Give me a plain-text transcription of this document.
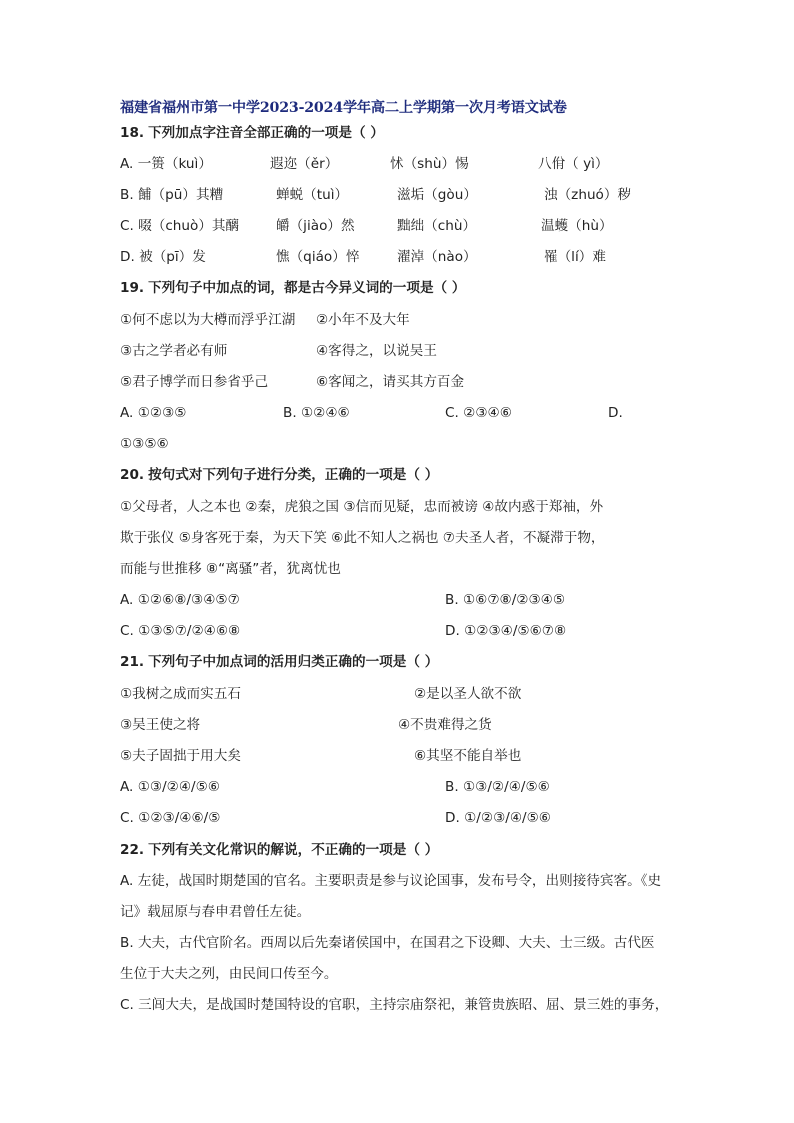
福建省福州市第一中学2023-2024学年高二上学期第一次月考语文试卷
18. 下列加点字注音全部正确的一项是（ ）
A. 一篑（kuì）	遐迩（ěr）	怵（shù）惕	八佾（ yì）
B. 餔（pū）其糟	蝉蜕（tuì）	滋垢（gòu）	浊（zhuó）秽
C. 啜（chuò）其醨	皭（jiào）然	黜绌（chù）	温蠖（hù）
D. 被（pī）发	憔（qiáo）悴	濯淖（nào）	罹（lí）难
19. 下列句子中加点的词，都是古今异义词的一项是（ ）
①何不虑以为大樽而浮乎江湖 ②小年不及大年
③古之学者必有师	④客得之，以说吴王
⑤君子博学而日参省乎己	⑥客闻之，请买其方百金
A. ①②③⑤	B. ①②④⑥	C. ②③④⑥	D.
①③⑤⑥
20. 按句式对下列句子进行分类，正确的一项是（ ）
①父母者，人之本也 ②秦，虎狼之国 ③信而见疑，忠而被谤 ④故内惑于郑袖，外
欺于张仪 ⑤身客死于秦，为天下笑 ⑥此不知人之祸也 ⑦夫圣人者，不凝滞于物，
而能与世推移 ⑧“离骚”者，犹离忧也
A. ①②⑥⑧/③④⑤⑦	B. ①⑥⑦⑧/②③④⑤
C. ①③⑤⑦/②④⑥⑧	D. ①②③④/⑤⑥⑦⑧
21. 下列句子中加点词的活用归类正确的一项是（ ）
①我树之成而实五石	②是以圣人欲不欲
③吴王使之将	④不贵难得之货
⑤夫子固拙于用大矣	⑥其坚不能自举也
A. ①③/②④/⑤⑥	B. ①③/②/④/⑤⑥
C. ①②③/④⑥/⑤	D. ①/②③/④/⑤⑥
22. 下列有关文化常识的解说，不正确的一项是（ ）
A. 左徒，战国时期楚国的官名。主要职责是参与议论国事，发布号令，出则接待宾客。《史
记》载屈原与春申君曾任左徒。
B. 大夫，古代官阶名。西周以后先秦诸侯国中，在国君之下设卿、大夫、士三级。古代医
生位于大夫之列，由民间口传至今。
C. 三闾大夫，是战国时楚国特设的官职，主持宗庙祭祀，兼管贵族昭、屈、景三姓的事务，
